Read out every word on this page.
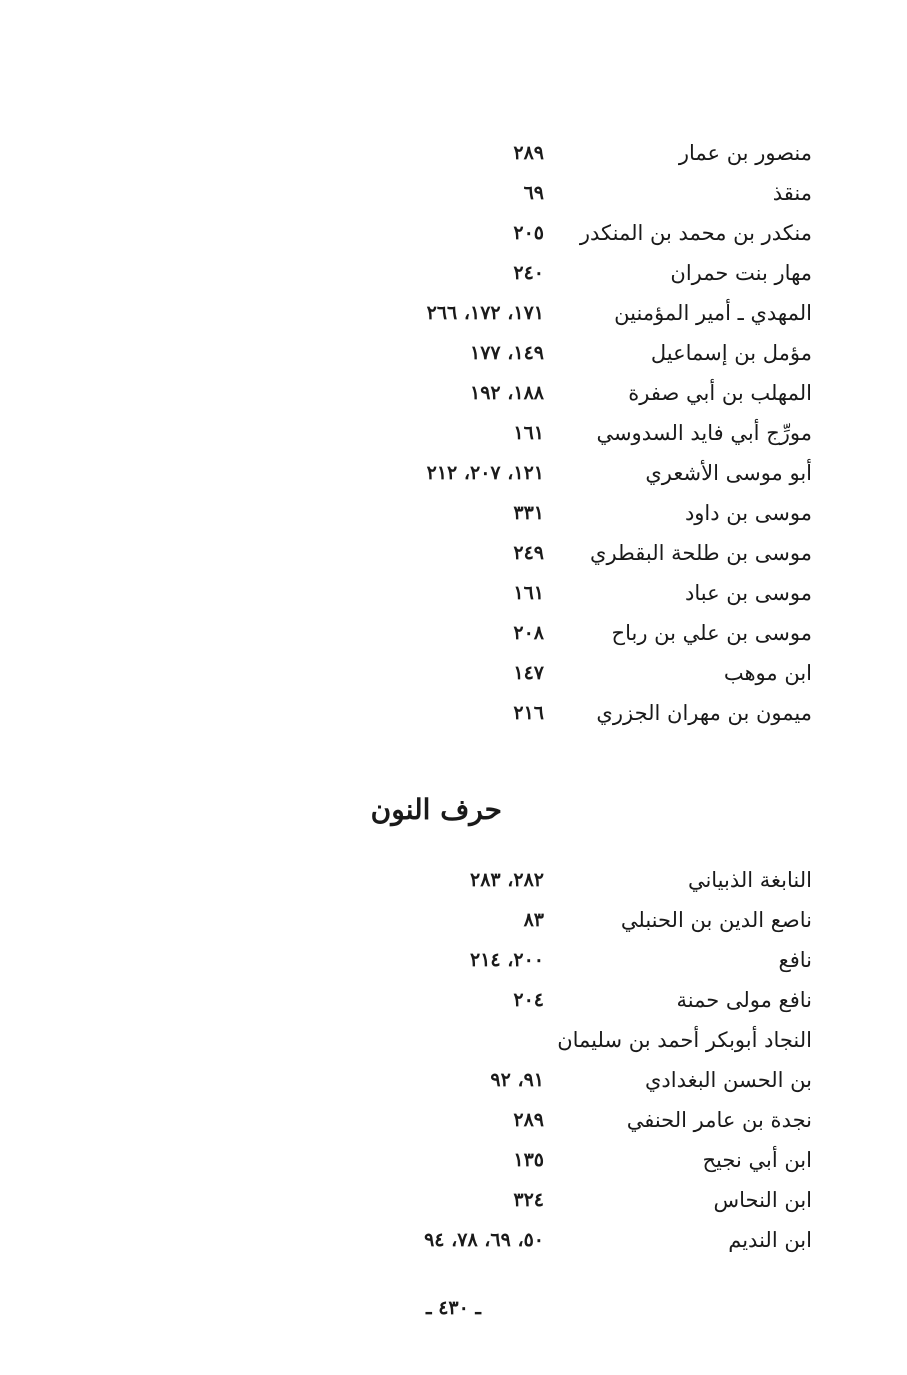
منصور بن عمار
٢٨٩
منقذ
٦٩
منكدر بن محمد بن المنكدر
٢٠٥
مهار بنت حمران
٢٤٠
المهدي ـ أمير المؤمنين
١٧١، ١٧٢، ٢٦٦
مؤمل بن إسماعيل
١٤٩، ١٧٧
المهلب بن أبي صفرة
١٨٨، ١٩٢
مورِّج أبي فايد السدوسي
١٦١
أبو موسى الأشعري
١٢١، ٢٠٧، ٢١٢
موسى بن داود
٣٣١
موسى بن طلحة البقطري
٢٤٩
موسى بن عباد
١٦١
موسى بن علي بن رباح
٢٠٨
ابن موهب
١٤٧
ميمون بن مهران الجزري
٢١٦
حرف النون
النابغة الذبياني
٢٨٢، ٢٨٣
ناصع الدين بن الحنبلي
٨٣
نافع
٢٠٠، ٢١٤
نافع مولى حمنة
٢٠٤
النجاد أبوبكر أحمد بن سليمان
بن الحسن البغدادي
٩١، ٩٢
نجدة بن عامر الحنفي
٢٨٩
ابن أبي نجيح
١٣٥
ابن النحاس
٣٢٤
ابن النديم
٥٠، ٦٩، ٧٨، ٩٤
ـ ٤٣٠ ـ
